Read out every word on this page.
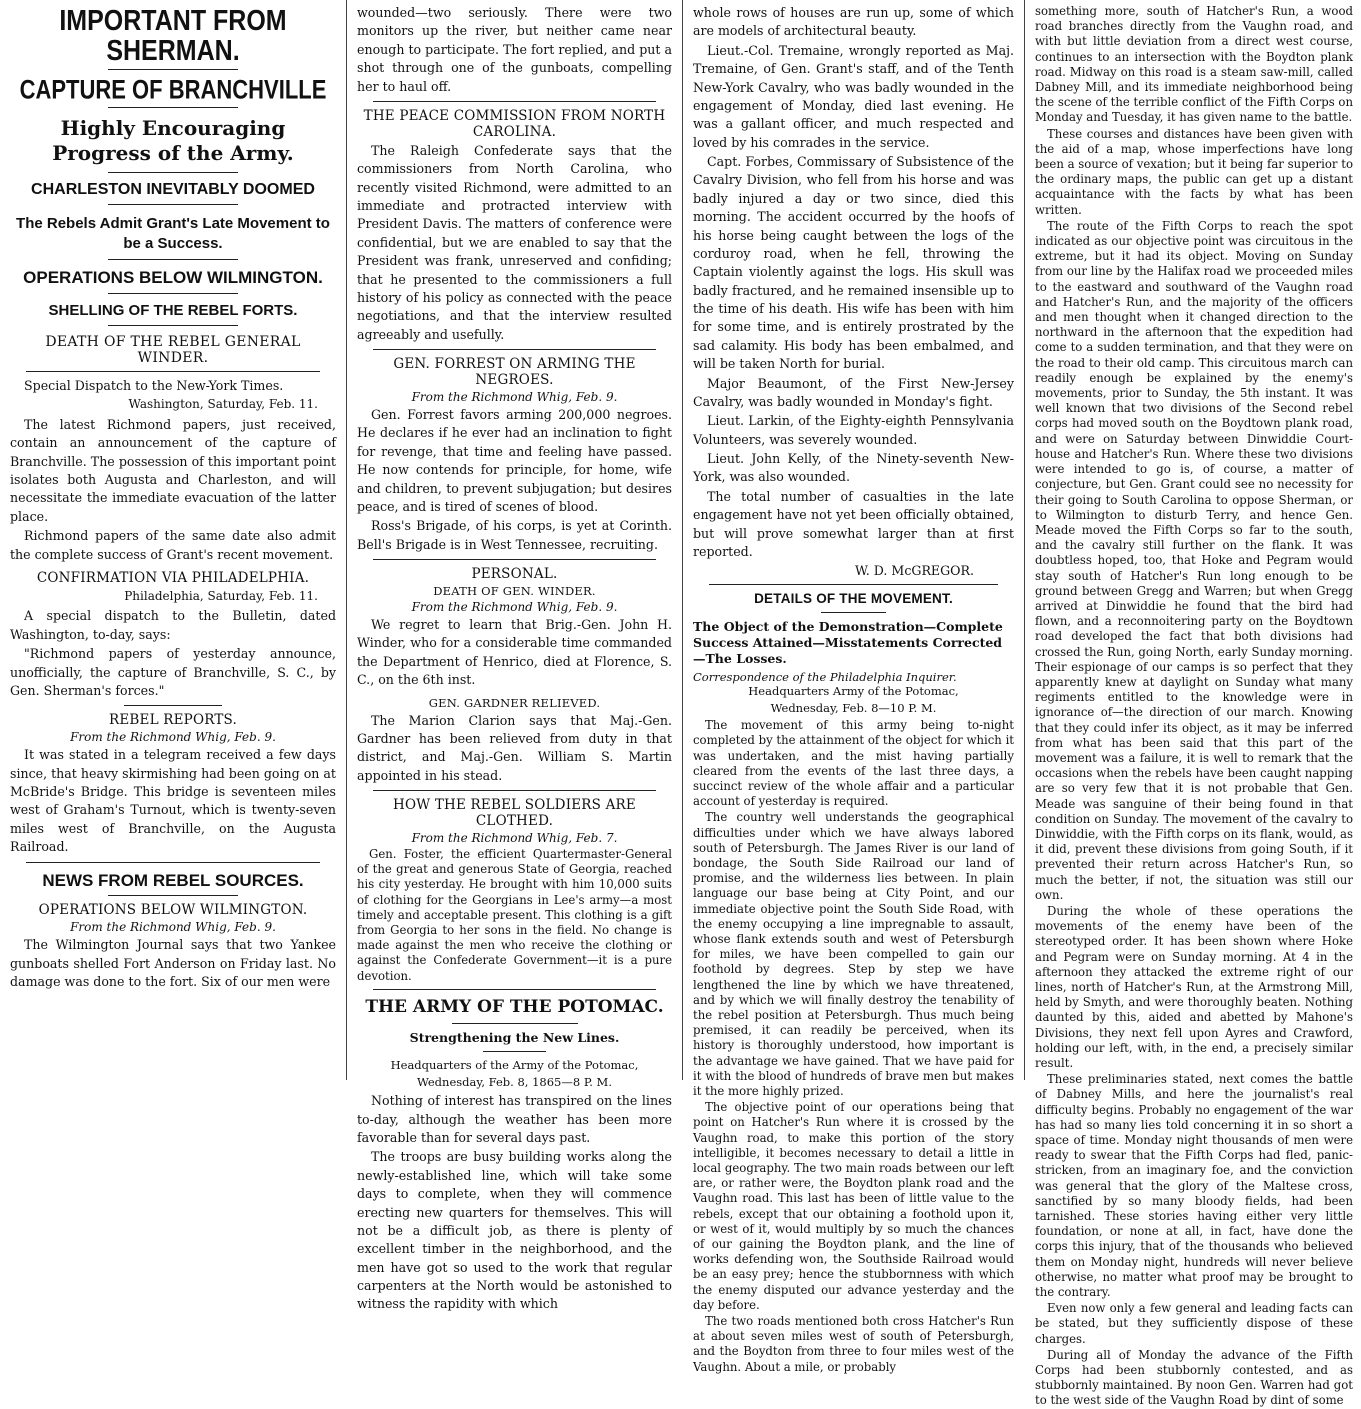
IMPORTANT FROM SHERMAN.
CAPTURE OF BRANCHVILLE
Highly Encouraging Progress of the Army.
CHARLESTON INEVITABLY DOOMED
The Rebels Admit Grant's Late Movement to be a Success.
OPERATIONS BELOW WILMINGTON.
SHELLING OF THE REBEL FORTS.
DEATH OF THE REBEL GENERAL WINDER.

Special Dispatch to the New-York Times.

Washington, Saturday, Feb. 11.

The latest Richmond papers, just received, contain an announcement of the capture of Branchville. The possession of this important point isolates both Augusta and Charleston, and will necessitate the immediate evacuation of the latter place.

Richmond papers of the same date also admit the complete success of Grant's recent movement.

CONFIRMATION VIA PHILADELPHIA.
Philadelphia, Saturday, Feb. 11.

A special dispatch to the Bulletin, dated Washington, to-day, says:

"Richmond papers of yesterday announce, unofficially, the capture of Branchville, S. C., by Gen. Sherman's forces."

REBEL REPORTS.
From the Richmond Whig, Feb. 9.

It was stated in a telegram received a few days since, that heavy skirmishing had been going on at McBride's Bridge. This bridge is seventeen miles west of Graham's Turnout, which is twenty-seven miles west of Branchville, on the Augusta Railroad.

NEWS FROM REBEL SOURCES.
OPERATIONS BELOW WILMINGTON.
From the Richmond Whig, Feb. 9.

The Wilmington Journal says that two Yankee gunboats shelled Fort Anderson on Friday last. No damage was done to the fort. Six of our men were

wounded—two seriously. There were two monitors up the river, but neither came near enough to participate. The fort replied, and put a shot through one of the gunboats, compelling her to haul off.

THE PEACE COMMISSION FROM NORTH CAROLINA.

The Raleigh Confederate says that the commissioners from North Carolina, who recently visited Richmond, were admitted to an immediate and protracted interview with President Davis. The matters of conference were confidential, but we are enabled to say that the President was frank, unreserved and confiding; that he presented to the commissioners a full history of his policy as connected with the peace negotiations, and that the interview resulted agreeably and usefully.

GEN. FORREST ON ARMING THE NEGROES.
From the Richmond Whig, Feb. 9.

Gen. Forrest favors arming 200,000 negroes. He declares if he ever had an inclination to fight for revenge, that time and feeling have passed. He now contends for principle, for home, wife and children, to prevent subjugation; but desires peace, and is tired of scenes of blood.

Ross's Brigade, of his corps, is yet at Corinth. Bell's Brigade is in West Tennessee, recruiting.

PERSONAL.
DEATH OF GEN. WINDER.
From the Richmond Whig, Feb. 9.

We regret to learn that Brig.-Gen. John H. Winder, who for a considerable time commanded the Department of Henrico, died at Florence, S. C., on the 6th inst.

GEN. GARDNER RELIEVED.

The Marion Clarion says that Maj.-Gen. Gardner has been relieved from duty in that district, and Maj.-Gen. William S. Martin appointed in his stead.

HOW THE REBEL SOLDIERS ARE CLOTHED.
From the Richmond Whig, Feb. 7.

Gen. Foster, the efficient Quartermaster-General of the great and generous State of Georgia, reached his city yesterday. He brought with him 10,000 suits of clothing for the Georgians in Lee's army—a most timely and acceptable present. This clothing is a gift from Georgia to her sons in the field. No change is made against the men who receive the clothing or against the Confederate Government—it is a pure devotion.

THE ARMY OF THE POTOMAC.
Strengthening the New Lines.
Headquarters of the Army of the Potomac,
Wednesday, Feb. 8, 1865—8 P. M.

Nothing of interest has transpired on the lines to-day, although the weather has been more favorable than for several days past.

The troops are busy building works along the newly-established line, which will take some days to complete, when they will commence erecting new quarters for themselves. This will not be a difficult job, as there is plenty of excellent timber in the neighborhood, and the men have got so used to the work that regular carpenters at the North would be astonished to witness the rapidity with which

whole rows of houses are run up, some of which are models of architectural beauty.

Lieut.-Col. Tremaine, wrongly reported as Maj. Tremaine, of Gen. Grant's staff, and of the Tenth New-York Cavalry, who was badly wounded in the engagement of Monday, died last evening. He was a gallant officer, and much respected and loved by his comrades in the service.

Capt. Forbes, Commissary of Subsistence of the Cavalry Division, who fell from his horse and was badly injured a day or two since, died this morning. The accident occurred by the hoofs of his horse being caught between the logs of the corduroy road, when he fell, throwing the Captain violently against the logs. His skull was badly fractured, and he remained insensible up to the time of his death. His wife has been with him for some time, and is entirely prostrated by the sad calamity. His body has been embalmed, and will be taken North for burial.

Major Beaumont, of the First New-Jersey Cavalry, was badly wounded in Monday's fight.

Lieut. Larkin, of the Eighty-eighth Pennsylvania Volunteers, was severely wounded.

Lieut. John Kelly, of the Ninety-seventh New-York, was also wounded.

The total number of casualties in the late engagement have not yet been officially obtained, but will prove somewhat larger than at first reported.

W. D. McGREGOR.
DETAILS OF THE MOVEMENT.
The Object of the Demonstration—Complete Success Attained—Misstatements Corrected—The Losses.
Correspondence of the Philadelphia Inquirer.
Headquarters Army of the Potomac,
Wednesday, Feb. 8—10 P. M.

The movement of this army being to-night completed by the attainment of the object for which it was undertaken, and the mist having partially cleared from the events of the last three days, a succinct review of the whole affair and a particular account of yesterday is required.

The country well understands the geographical difficulties under which we have always labored south of Petersburgh. The James River is our land of bondage, the South Side Railroad our land of promise, and the wilderness lies between. In plain language our base being at City Point, and our immediate objective point the South Side Road, with the enemy occupying a line impregnable to assault, whose flank extends south and west of Petersburgh for miles, we have been compelled to gain our foothold by degrees. Step by step we have lengthened the line by which we have threatened, and by which we will finally destroy the tenability of the rebel position at Petersburgh. Thus much being premised, it can readily be perceived, when its history is thoroughly understood, how important is the advantage we have gained. That we have paid for it with the blood of hundreds of brave men but makes it the more highly prized.

The objective point of our operations being that point on Hatcher's Run where it is crossed by the Vaughn road, to make this portion of the story intelligible, it becomes necessary to detail a little in local geography. The two main roads between our left are, or rather were, the Boydton plank road and the Vaughn road. This last has been of little value to the rebels, except that our obtaining a foothold upon it, or west of it, would multiply by so much the chances of our gaining the Boydton plank, and the line of works defending won, the Southside Railroad would be an easy prey; hence the stubbornness with which the enemy disputed our advance yesterday and the day before.

The two roads mentioned both cross Hatcher's Run at about seven miles west of south of Petersburgh, and the Boydton from three to four miles west of the Vaughn. About a mile, or probably

something more, south of Hatcher's Run, a wood road branches directly from the Vaughn road, and with but little deviation from a direct west course, continues to an intersection with the Boydton plank road. Midway on this road is a steam saw-mill, called Dabney Mill, and its immediate neighborhood being the scene of the terrible conflict of the Fifth Corps on Monday and Tuesday, it has given name to the battle.

These courses and distances have been given with the aid of a map, whose imperfections have long been a source of vexation; but it being far superior to the ordinary maps, the public can get up a distant acquaintance with the facts by what has been written.

The route of the Fifth Corps to reach the spot indicated as our objective point was circuitous in the extreme, but it had its object. Moving on Sunday from our line by the Halifax road we proceeded miles to the eastward and southward of the Vaughn road and Hatcher's Run, and the majority of the officers and men thought when it changed direction to the northward in the afternoon that the expedition had come to a sudden termination, and that they were on the road to their old camp. This circuitous march can readily enough be explained by the enemy's movements, prior to Sunday, the 5th instant. It was well known that two divisions of the Second rebel corps had moved south on the Boydtown plank road, and were on Saturday between Dinwiddie Court-house and Hatcher's Run. Where these two divisions were intended to go is, of course, a matter of conjecture, but Gen. Grant could see no necessity for their going to South Carolina to oppose Sherman, or to Wilmington to disturb Terry, and hence Gen. Meade moved the Fifth Corps so far to the south, and the cavalry still further on the flank. It was doubtless hoped, too, that Hoke and Pegram would stay south of Hatcher's Run long enough to be ground between Gregg and Warren; but when Gregg arrived at Dinwiddie he found that the bird had flown, and a reconnoitering party on the Boydtown road developed the fact that both divisions had crossed the Run, going North, early Sunday morning. Their espionage of our camps is so perfect that they apparently knew at daylight on Sunday what many regiments entitled to the knowledge were in ignorance of—the direction of our march. Knowing that they could infer its object, as it may be inferred from what has been said that this part of the movement was a failure, it is well to remark that the occasions when the rebels have been caught napping are so very few that it is not probable that Gen. Meade was sanguine of their being found in that condition on Sunday. The movement of the cavalry to Dinwiddie, with the Fifth corps on its flank, would, as it did, prevent these divisions from going South, if it prevented their return across Hatcher's Run, so much the better, if not, the situation was still our own.

During the whole of these operations the movements of the enemy have been of the stereotyped order. It has been shown where Hoke and Pegram were on Sunday morning. At 4 in the afternoon they attacked the extreme right of our lines, north of Hatcher's Run, at the Armstrong Mill, held by Smyth, and were thoroughly beaten. Nothing daunted by this, aided and abetted by Mahone's Divisions, they next fell upon Ayres and Crawford, holding our left, with, in the end, a precisely similar result.

These preliminaries stated, next comes the battle of Dabney Mills, and here the journalist's real difficulty begins. Probably no engagement of the war has had so many lies told concerning it in so short a space of time. Monday night thousands of men were ready to swear that the Fifth Corps had fled, panic-stricken, from an imaginary foe, and the conviction was general that the glory of the Maltese cross, sanctified by so many bloody fields, had been tarnished. These stories having either very little foundation, or none at all, in fact, have done the corps this injury, that of the thousands who believed them on Monday night, hundreds will never believe otherwise, no matter what proof may be brought to the contrary.

Even now only a few general and leading facts can be stated, but they sufficiently dispose of these charges.

During all of Monday the advance of the Fifth Corps had been stubbornly contested, and as stubbornly maintained. By noon Gen. Warren had got to the west side of the Vaughn Road by dint of some
